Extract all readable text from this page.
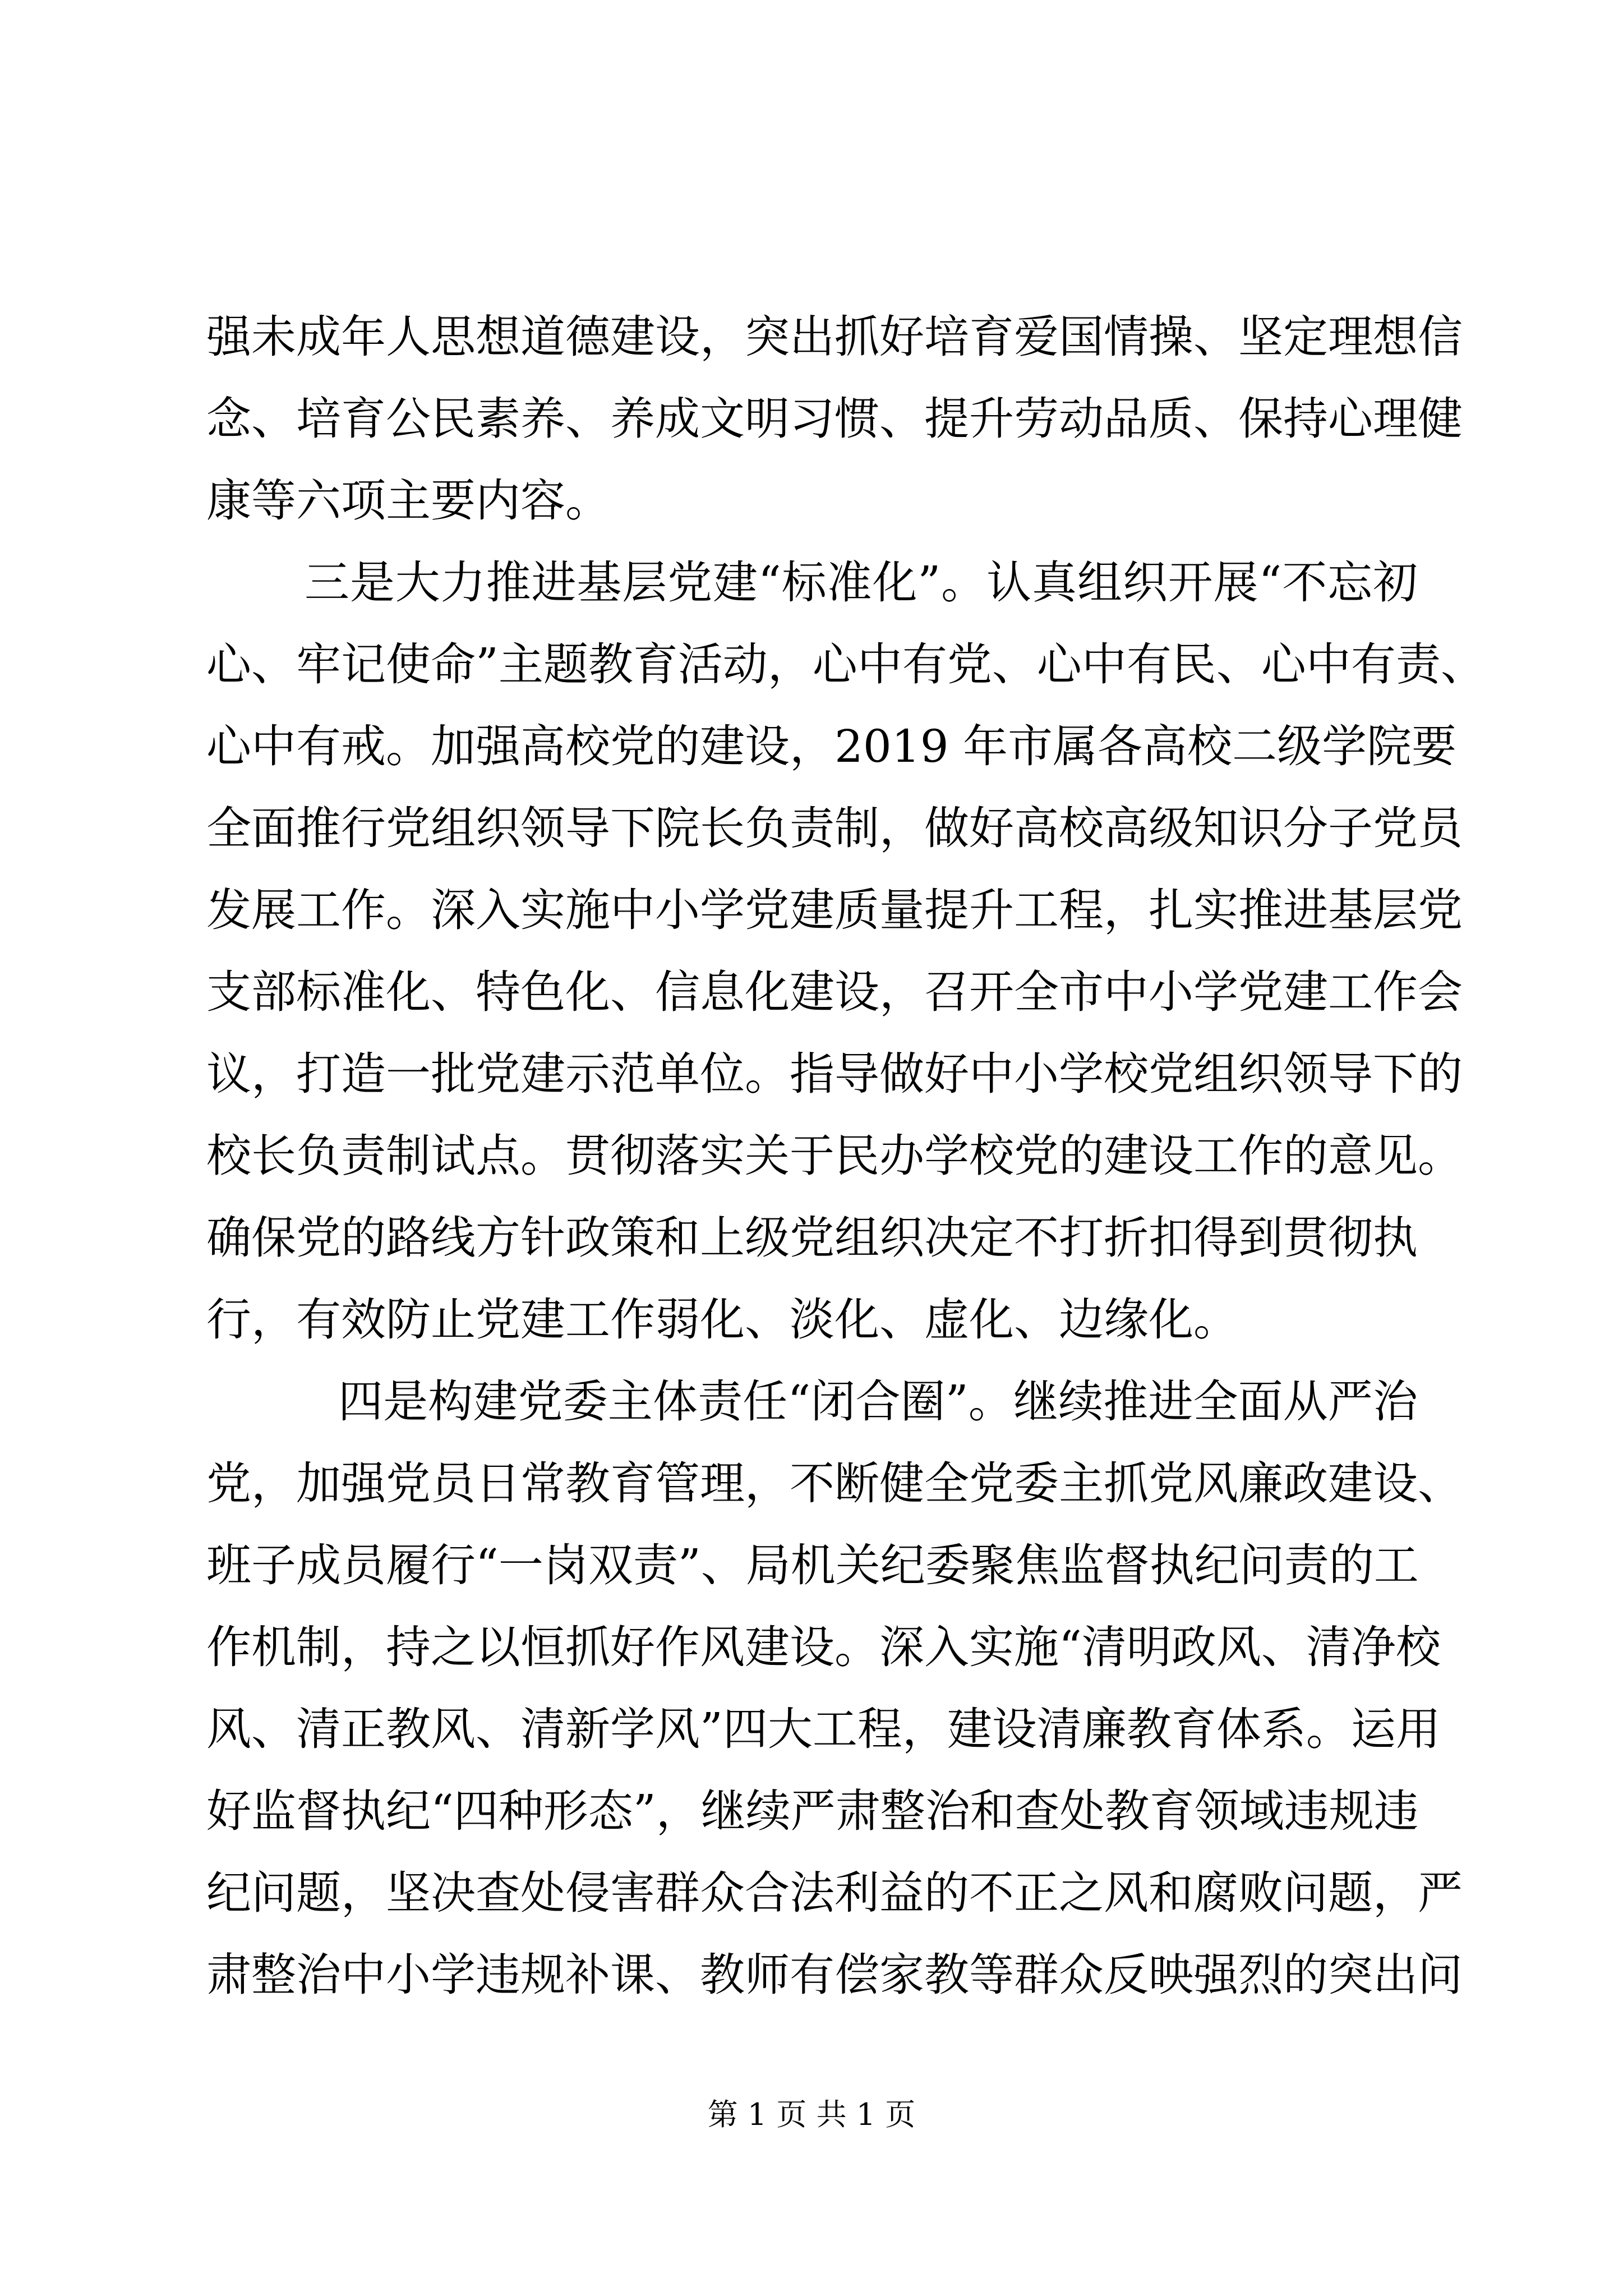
强未成年人思想道德建设，突出抓好培育爱国情操、坚定理想信
念、培育公民素养、养成文明习惯、提升劳动品质、保持心理健
康等六项主要内容。
三是大力推进基层党建“标准化”。认真组织开展“不忘初
心、牢记使命”主题教育活动，心中有党、心中有民、心中有责、
心中有戒。加强高校党的建设，2019 年市属各高校二级学院要
全面推行党组织领导下院长负责制，做好高校高级知识分子党员
发展工作。深入实施中小学党建质量提升工程，扎实推进基层党
支部标准化、特色化、信息化建设，召开全市中小学党建工作会
议，打造一批党建示范单位。指导做好中小学校党组织领导下的
校长负责制试点。贯彻落实关于民办学校党的建设工作的意见。
确保党的路线方针政策和上级党组织决定不打折扣得到贯彻执
行，有效防止党建工作弱化、淡化、虚化、边缘化。
四是构建党委主体责任“闭合圈”。继续推进全面从严治
党，加强党员日常教育管理，不断健全党委主抓党风廉政建设、
班子成员履行“一岗双责”、局机关纪委聚焦监督执纪问责的工
作机制，持之以恒抓好作风建设。深入实施“清明政风、清净校
风、清正教风、清新学风”四大工程，建设清廉教育体系。运用
好监督执纪“四种形态”，继续严肃整治和查处教育领域违规违
纪问题，坚决查处侵害群众合法利益的不正之风和腐败问题，严
肃整治中小学违规补课、教师有偿家教等群众反映强烈的突出问
第 1 页 共 1 页
